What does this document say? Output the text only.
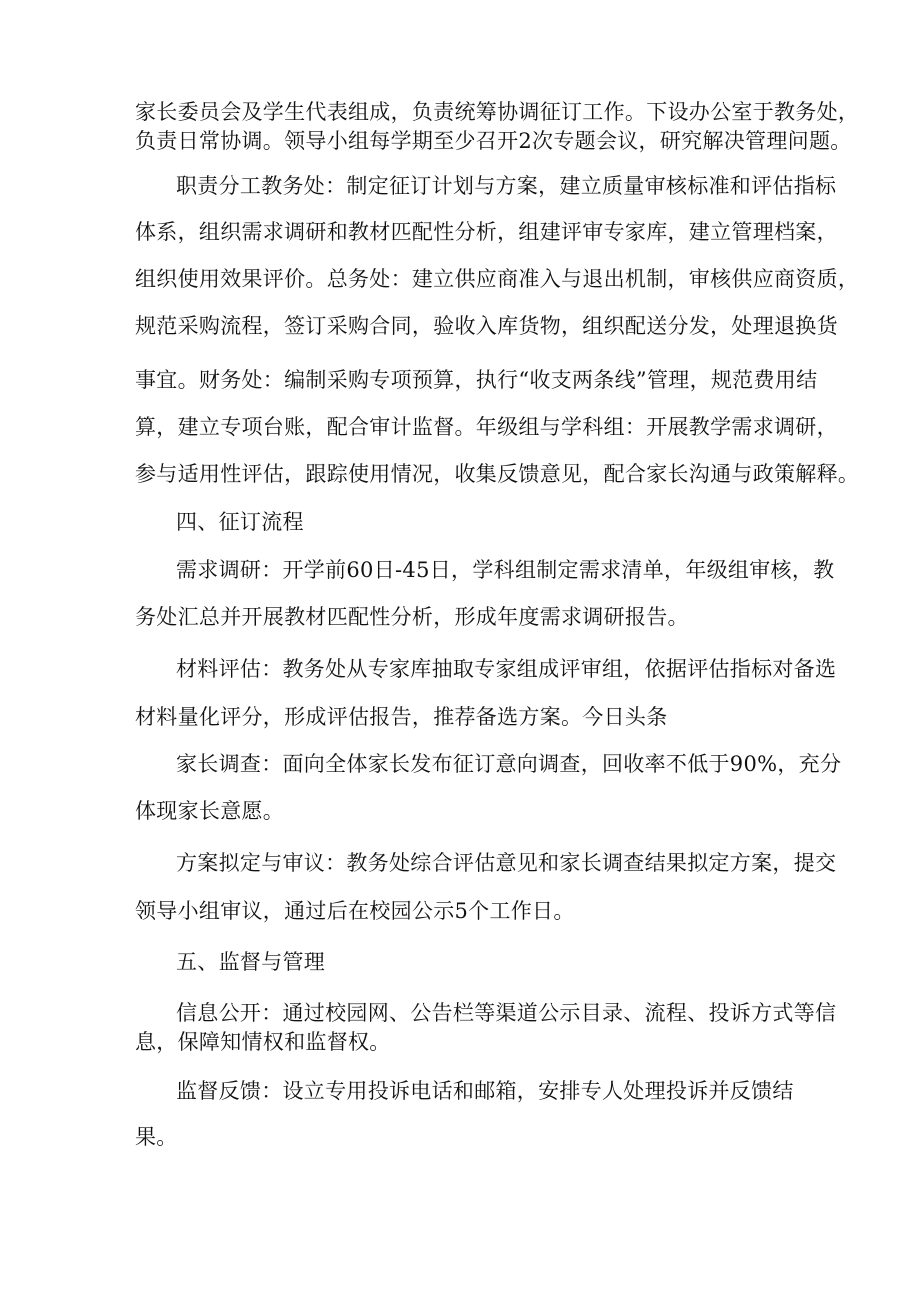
家长委员会及学生代表组成，负责统筹协调征订工作。下设办公室于教务处，
负责日常协调。领导小组每学期至少召开2次专题会议，研究解决管理问题。
职责分工教务处：制定征订计划与方案，建立质量审核标准和评估指标
体系，组织需求调研和教材匹配性分析，组建评审专家库，建立管理档案，
组织使用效果评价。总务处：建立供应商准入与退出机制，审核供应商资质，
规范采购流程，签订采购合同，验收入库货物，组织配送分发，处理退换货
事宜。财务处：编制采购专项预算，执行“收支两条线”管理，规范费用结
算，建立专项台账，配合审计监督。年级组与学科组：开展教学需求调研，
参与适用性评估，跟踪使用情况，收集反馈意见，配合家长沟通与政策解释。
四、征订流程
需求调研：开学前60日-45日，学科组制定需求清单，年级组审核，教
务处汇总并开展教材匹配性分析，形成年度需求调研报告。
材料评估：教务处从专家库抽取专家组成评审组，依据评估指标对备选
材料量化评分，形成评估报告，推荐备选方案。今日头条
家长调查：面向全体家长发布征订意向调查，回收率不低于90%，充分
体现家长意愿。
方案拟定与审议：教务处综合评估意见和家长调查结果拟定方案，提交
领导小组审议，通过后在校园公示5个工作日。
五、监督与管理
信息公开：通过校园网、公告栏等渠道公示目录、流程、投诉方式等信
息，保障知情权和监督权。
监督反馈：设立专用投诉电话和邮箱，安排专人处理投诉并反馈结
果。
